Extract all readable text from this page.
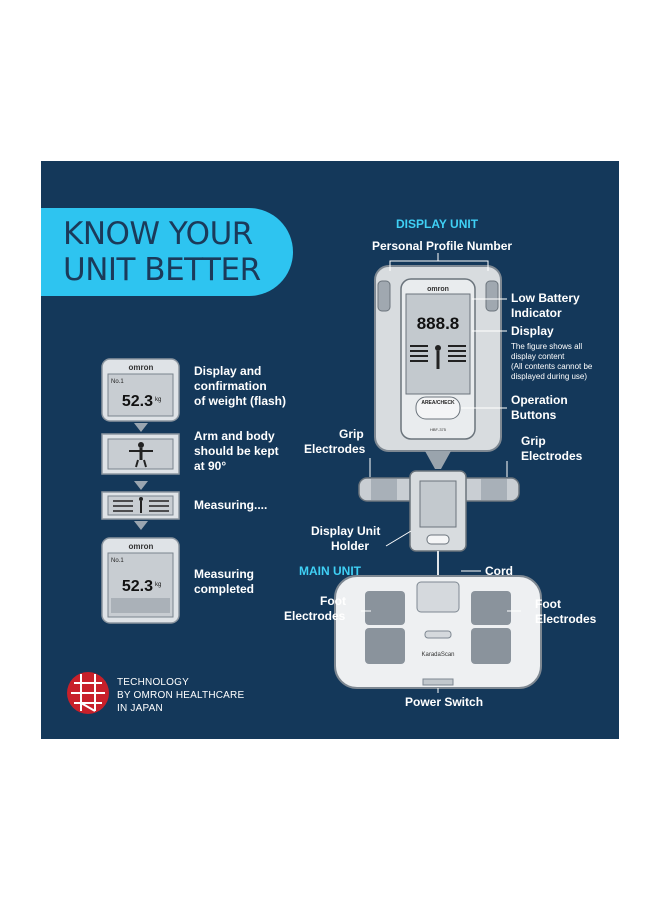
KNOW YOUR
UNIT BETTER
omron
No.1
52.3 kg
omron
No.1
52.3 kg
omron
888.8
AREA/CHECK
HBF-375
KaradaScan
Display and
confirmation
of weight (flash)
Arm and body
should be kept
at 90°
Measuring....
Measuring
completed
TECHNOLOGY
BY OMRON HEALTHCARE
IN JAPAN
DISPLAY UNIT
Personal Profile Number
Low Battery
Indicator
Display
The figure shows all
display content
(All contents cannot be
displayed during use)
Operation
Buttons
Grip
Electrodes
Grip
Electrodes
Display Unit
Holder
MAIN UNIT	Cord
Foot
Electrodes
Foot
Electrodes
Power Switch
